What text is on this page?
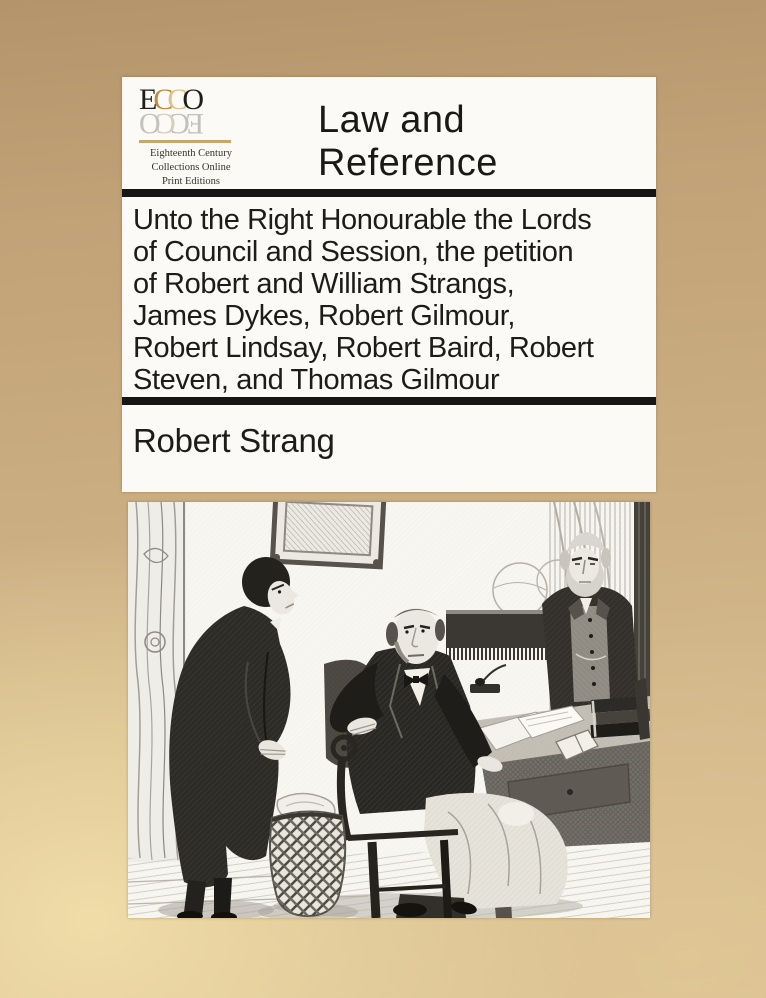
ECCO
ECCO
Eighteenth Century
Collections Online
Print Editions
Law and Reference
Unto the Right Honourable the Lords
of Council and Session, the petition
of Robert and William Strangs,
James Dykes, Robert Gilmour,
Robert Lindsay, Robert Baird, Robert
Steven, and Thomas Gilmour
Robert Strang
